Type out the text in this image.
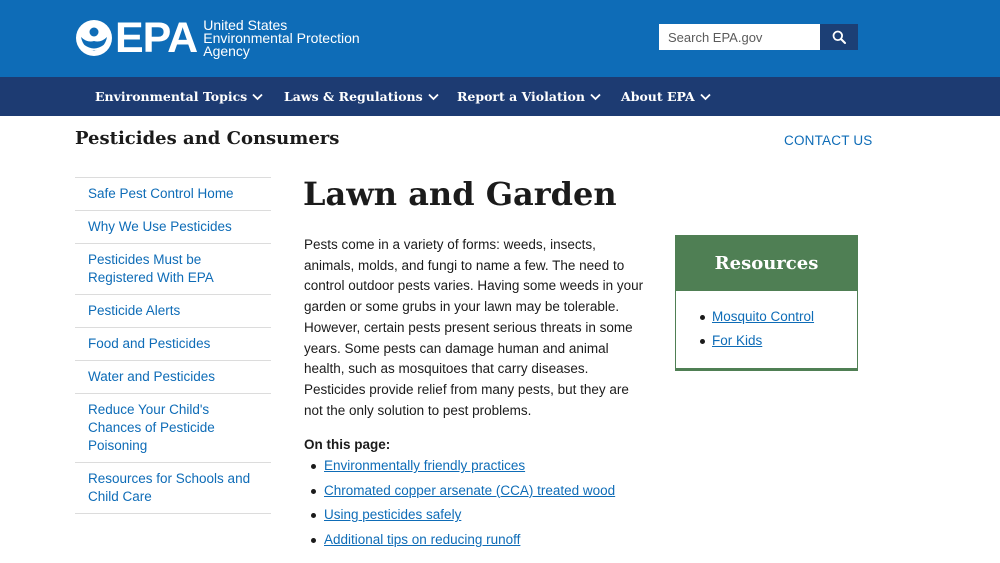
EPA United States
Environmental Protection
Agency
Search EPA.gov
Environmental Topics	Laws & Regulations	Report a Violation	About EPA
Pesticides and Consumers	CONTACT US
Safe Pest Control Home
Why We Use Pesticides
Pesticides Must be Registered With EPA
Pesticide Alerts
Food and Pesticides
Water and Pesticides
Reduce Your Child's Chances of Pesticide Poisoning
Resources for Schools and Child Care
Lawn and Garden

Pests come in a variety of forms: weeds, insects, animals, molds, and fungi to name a few. The need to control outdoor pests varies. Having some weeds in your garden or some grubs in your lawn may be tolerable. However, certain pests present serious threats in some years. Some pests can damage human and animal health, such as mosquitoes that carry diseases. Pesticides provide relief from many pests, but they are not the only solution to pest problems.

On this page:
Environmentally friendly practices
Chromated copper arsenate (CCA) treated wood
Using pesticides safely
Additional tips on reducing runoff
Resources
Mosquito Control
For Kids
